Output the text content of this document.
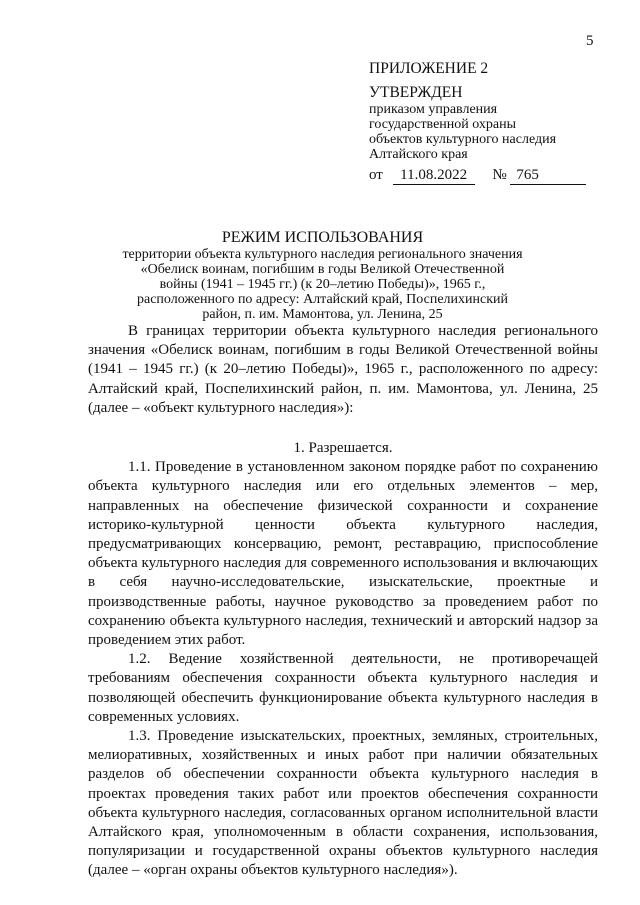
5
ПРИЛОЖЕНИЕ 2
УТВЕРЖДЕН
приказом управления
государственной охраны
объектов культурного наследия
Алтайского края
от 11.08.2022 № 765
РЕЖИМ ИСПОЛЬЗОВАНИЯ
территории объекта культурного наследия регионального значения
«Обелиск воинам, погибшим в годы Великой Отечественной
войны (1941 – 1945 гг.) (к 20–летию Победы)», 1965 г.,
расположенного по адресу: Алтайский край, Поспелихинский
район, п. им. Мамонтова, ул. Ленина, 25

В границах территории объекта культурного наследия регионального значения «Обелиск воинам, погибшим в годы Великой Отечественной войны (1941 – 1945 гг.) (к 20–летию Победы)», 1965 г., расположенного по адресу: Алтайский край, Поспелихинский район, п. им. Мамонтова, ул. Ленина, 25 (далее – «объект культурного наследия»):

1. Разрешается.

1.1. Проведение в установленном законом порядке работ по сохранению объекта культурного наследия или его отдельных элементов – мер, направленных на обеспечение физической сохранности и сохранение историко-культурной ценности объекта культурного наследия, предусматривающих консервацию, ремонт, реставрацию, приспособление объекта культурного наследия для современного использования и включающих в себя научно-исследовательские, изыскательские, проектные и производственные работы, научное руководство за проведением работ по сохранению объекта культурного наследия, технический и авторский надзор за проведением этих работ.

1.2. Ведение хозяйственной деятельности, не противоречащей требованиям обеспечения сохранности объекта культурного наследия и позволяющей обеспечить функционирование объекта культурного наследия в современных условиях.

1.3. Проведение изыскательских, проектных, земляных, строительных, мелиоративных, хозяйственных и иных работ при наличии обязательных разделов об обеспечении сохранности объекта культурного наследия в проектах проведения таких работ или проектов обеспечения сохранности объекта культурного наследия, согласованных органом исполнительной власти Алтайского края, уполномоченным в области сохранения, использования, популяризации и государственной охраны объектов культурного наследия (далее – «орган охраны объектов культурного наследия»).
